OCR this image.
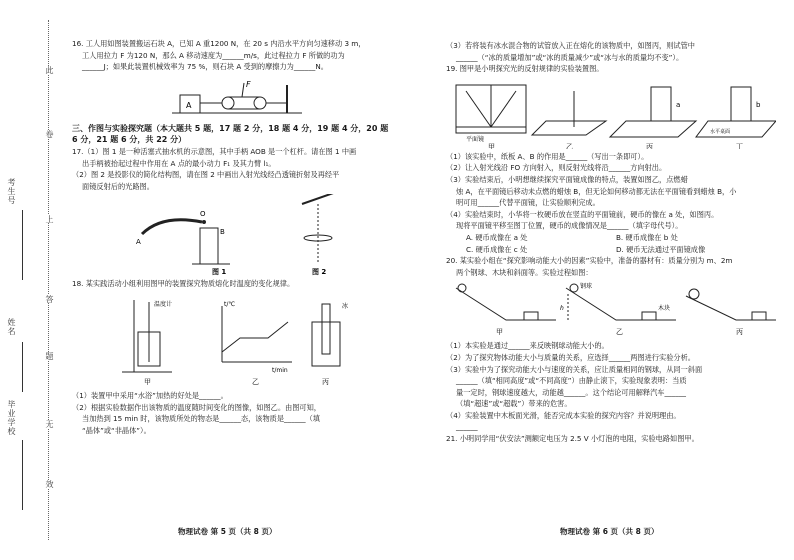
考生号
姓名
毕业学校
此
卷
上
答
题
无
效

16. 工人用如图装置搬运石块 A，已知 A 重1200 N，在 20 s 内沿水平方向匀速移动 3 m，

工人用拉力 F 为120 N，那么 A 移动速度为______m/s，此过程拉力 F 所做的功为

______J；如果此装置机械效率为 75 %，则石块 A 受到的摩擦力为______N。

A
F

三、作图与实验探究题（本大题共 5 题，17 题 2 分，18 题 4 分，19 题 4 分，20 题 6 分，21 题 6 分，共 22 分）

17.（1）图 1 是一种活塞式抽水机的示意图，其中手柄 AOB 是一个杠杆。请在图 1 中画

出手柄被抬起过程中作用在 A 点的最小动力 F₁ 及其力臂 l₁。

（2）图 2 是投影仪的简化结构图，请在图 2 中画出入射光线经凸透镜折射及再经平

面镜反射后的光路图。

A
O
B
图 1	图 2

18. 某实践活动小组利用图甲的装置探究物质熔化时温度的变化规律。

温度计
甲
t/℃
t/min
乙
冰
丙

（1）装置甲中采用“水浴”加热的好处是______。

（2）根据实验数据作出该物质的温度随时间变化的图像，如图乙。由图可知，

当加热到 15 min 时，该物质所处的物态是______态，该物质是______（填

“晶体”或“非晶体”）。

物理试卷 第 5 页（共 8 页）

（3）若将装有冰水混合物的试管放入正在熔化的该物质中，如图丙，则试管中

______（“冰的质量增加”或“冰的质量减少”或“冰与水的质量均不变”）。

19. 图甲是小明探究光的反射规律的实验装置图。

平面镜
甲	乙
a
丙
b
水平桌面
丁

（1）该实验中，纸板 A、B 的作用是______（写出一条即可）。

（2）让入射光线沿 FO 方向射入，则反射光线将沿______方向射出。

（3）实验结束后，小明想继续探究平面镜成像的特点，装置如图乙，点燃蜡

烛 A，在平面镜后移动未点燃的蜡烛 B，但无论如何移动都无法在平面镜看到蜡烛 B，小

明可用______代替平面镜，让实验顺利完成。

（4）实验结束时，小华将一枚硬币放在竖直的平面镜前，硬币的像在 a 处，如图丙。

现将平面镜平移至图丁位置，硬币的成像情况是______（填字母代号）。

A. 硬币成像在 a 处	B. 硬币成像在 b 处
C. 硬币成像在 c 处	D. 硬币无法通过平面镜成像

20. 某实验小组在“探究影响动能大小的因素”实验中，准备的器材有：质量分别为 m、2m

两个钢球、木块和斜面等。实验过程如图：

甲
钢球
h	木块
乙	丙

（1）本实验是通过______来反映钢球动能大小的。

（2）为了探究物体动能大小与质量的关系，应选择______两图进行实验分析。

（3）实验中为了探究动能大小与速度的关系，应让质量相同的钢球，从同一斜面

______（填“相同高度”或“不同高度”）由静止滚下，实验现象表明：当质

量一定时，钢球速度越大，动能越______。这个结论可用解释汽车______

（填“超速”或“超载”）带来的危害。

（4）实验装置中木板面光滑，能否完成本实验的探究内容？并说明理由。

______

21. 小明同学用“伏安法”测额定电压为 2.5 V 小灯泡的电阻，实验电路如图甲。

物理试卷 第 6 页（共 8 页）
